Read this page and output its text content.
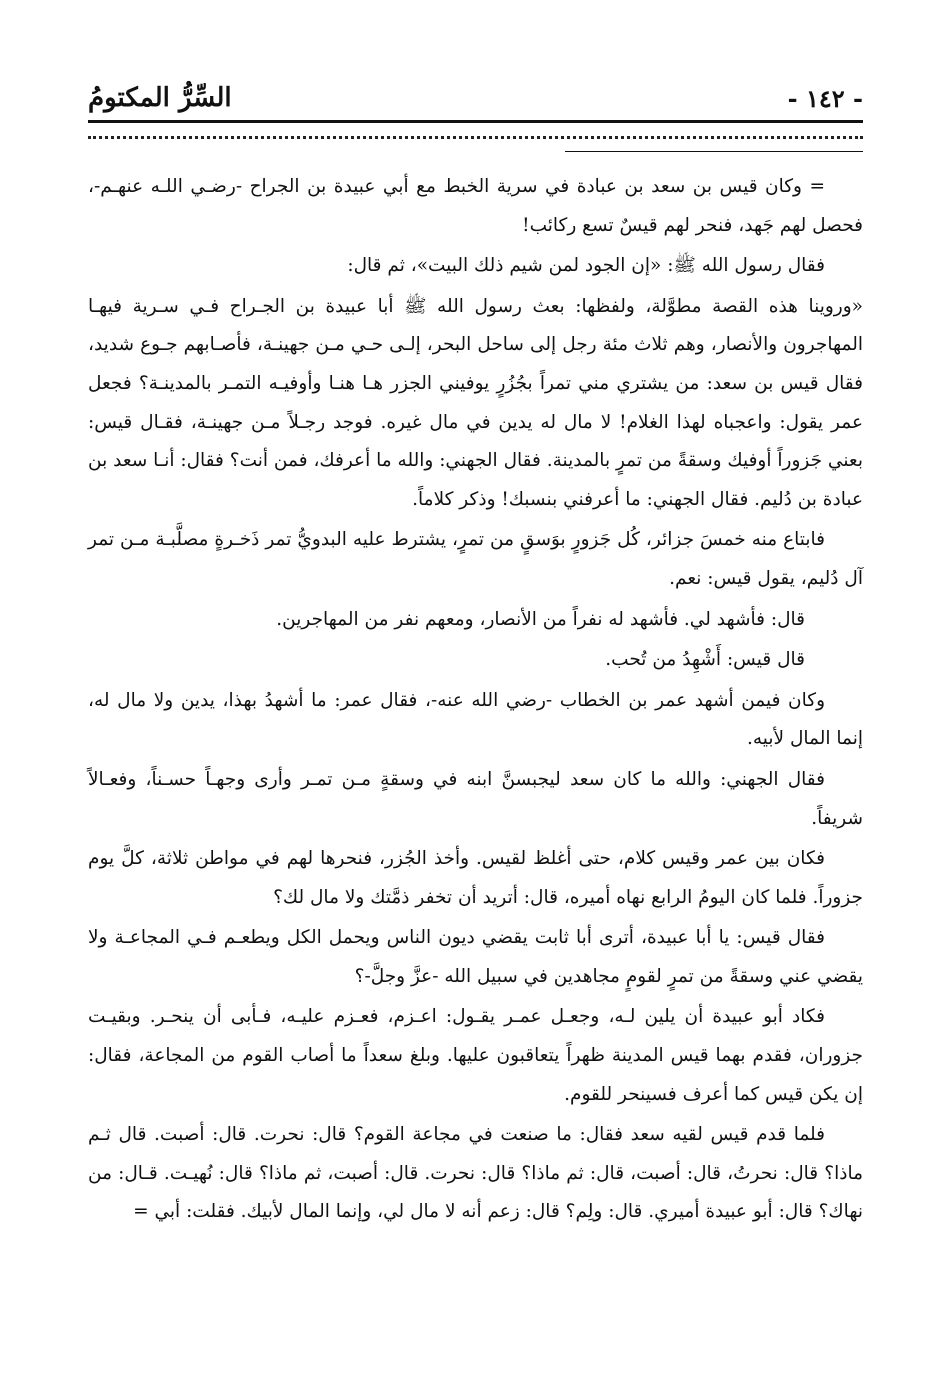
- ١٤٢ -
السِّرُّ المكتومُ

= وكان قيس بن سعد بن عبادة في سرية الخبط مع أبي عبيدة بن الجراح -رضـي اللـه عنهـم-، فحصل لهم جَهد، فنحر لهم قيسٌ تسع ركائب!

فقال رسول الله ﷺ: «إن الجود لمن شيم ذلك البيت»، ثم قال:

«وروينا هذه القصة مطوَّلة، ولفظها: بعث رسول الله ﷺ أبا عبيدة بن الجـراح فـي سـرية فيهـا المهاجرون والأنصار، وهم ثلاث مئة رجل إلى ساحل البحر، إلـى حـي مـن جهينـة، فأصـابهم جـوع شديد، فقال قيس بن سعد: من يشتري مني تمراً بجُزُرٍ يوفيني الجزر هـا هنـا وأوفيـه التمـر بالمدينـة؟ فجعل عمر يقول: واعجباه لهذا الغلام! لا مال له يدين في مال غيره. فوجد رجـلاً مـن جهينـة، فقـال قيس: بعني جَزوراً أوفيك وسقةً من تمرٍ بالمدينة. فقال الجهني: والله ما أعرفك، فمن أنت؟ فقال: أنـا سعد بن عبادة بن دُليم. فقال الجهني: ما أعرفني بنسبك! وذكر كلاماً.

فابتاع منه خمسَ جزائر، كُل جَزورٍ بوَسقٍ من تمرٍ، يشترط عليه البدويُّ تمر ذَخـرةٍ مصلَّبـة مـن تمر آل دُليم، يقول قيس: نعم.

قال: فأشهد لي. فأشهد له نفراً من الأنصار، ومعهم نفر من المهاجرين.

قال قيس: أَشْهِدُ من تُحب.

وكان فيمن أشهد عمر بن الخطاب -رضي الله عنه-، فقال عمر: ما أشهدُ بهذا، يدين ولا مال له، إنما المال لأبيه.

فقال الجهني: والله ما كان سعد ليجبسنَّ ابنه في وسقةٍ مـن تمـر وأرى وجهـاً حسـناً، وفعـالاً شريفاً.

فكان بين عمر وقيس كلام، حتى أغلظ لقيس. وأخذ الجُزر، فنحرها لهم في مواطن ثلاثة، كلَّ يوم جزوراً. فلما كان اليومُ الرابع نهاه أميره، قال: أتريد أن تخفر ذمَّتك ولا مال لك؟

فقال قيس: يا أبا عبيدة، أترى أبا ثابت يقضي ديون الناس ويحمل الكل ويطعـم فـي المجاعـة ولا يقضي عني وسقةً من تمرٍ لقومٍ مجاهدين في سبيل الله -عزَّ وجلَّ-؟

فكاد أبو عبيدة أن يلين لـه، وجعـل عمـر يقـول: اعـزم، فعـزم عليـه، فـأبى أن ينحـر. وبقيـت جزوران، فقدم بهما قيس المدينة ظهراً يتعاقبون عليها. وبلغ سعداً ما أصاب القوم من المجاعة، فقال: إن يكن قيس كما أعرف فسينحر للقوم.

فلما قدم قيس لقيه سعد فقال: ما صنعت في مجاعة القوم؟ قال: نحرت. قال: أصبت. قال ثـم ماذا؟ قال: نحرتُ، قال: أصبت، قال: ثم ماذا؟ قال: نحرت. قال: أصبت، ثم ماذا؟ قال: نُهيـت. قـال: من نهاك؟ قال: أبو عبيدة أميري. قال: ولِم؟ قال: زعم أنه لا مال لي، وإنما المال لأبيك. فقلت: أبي =
